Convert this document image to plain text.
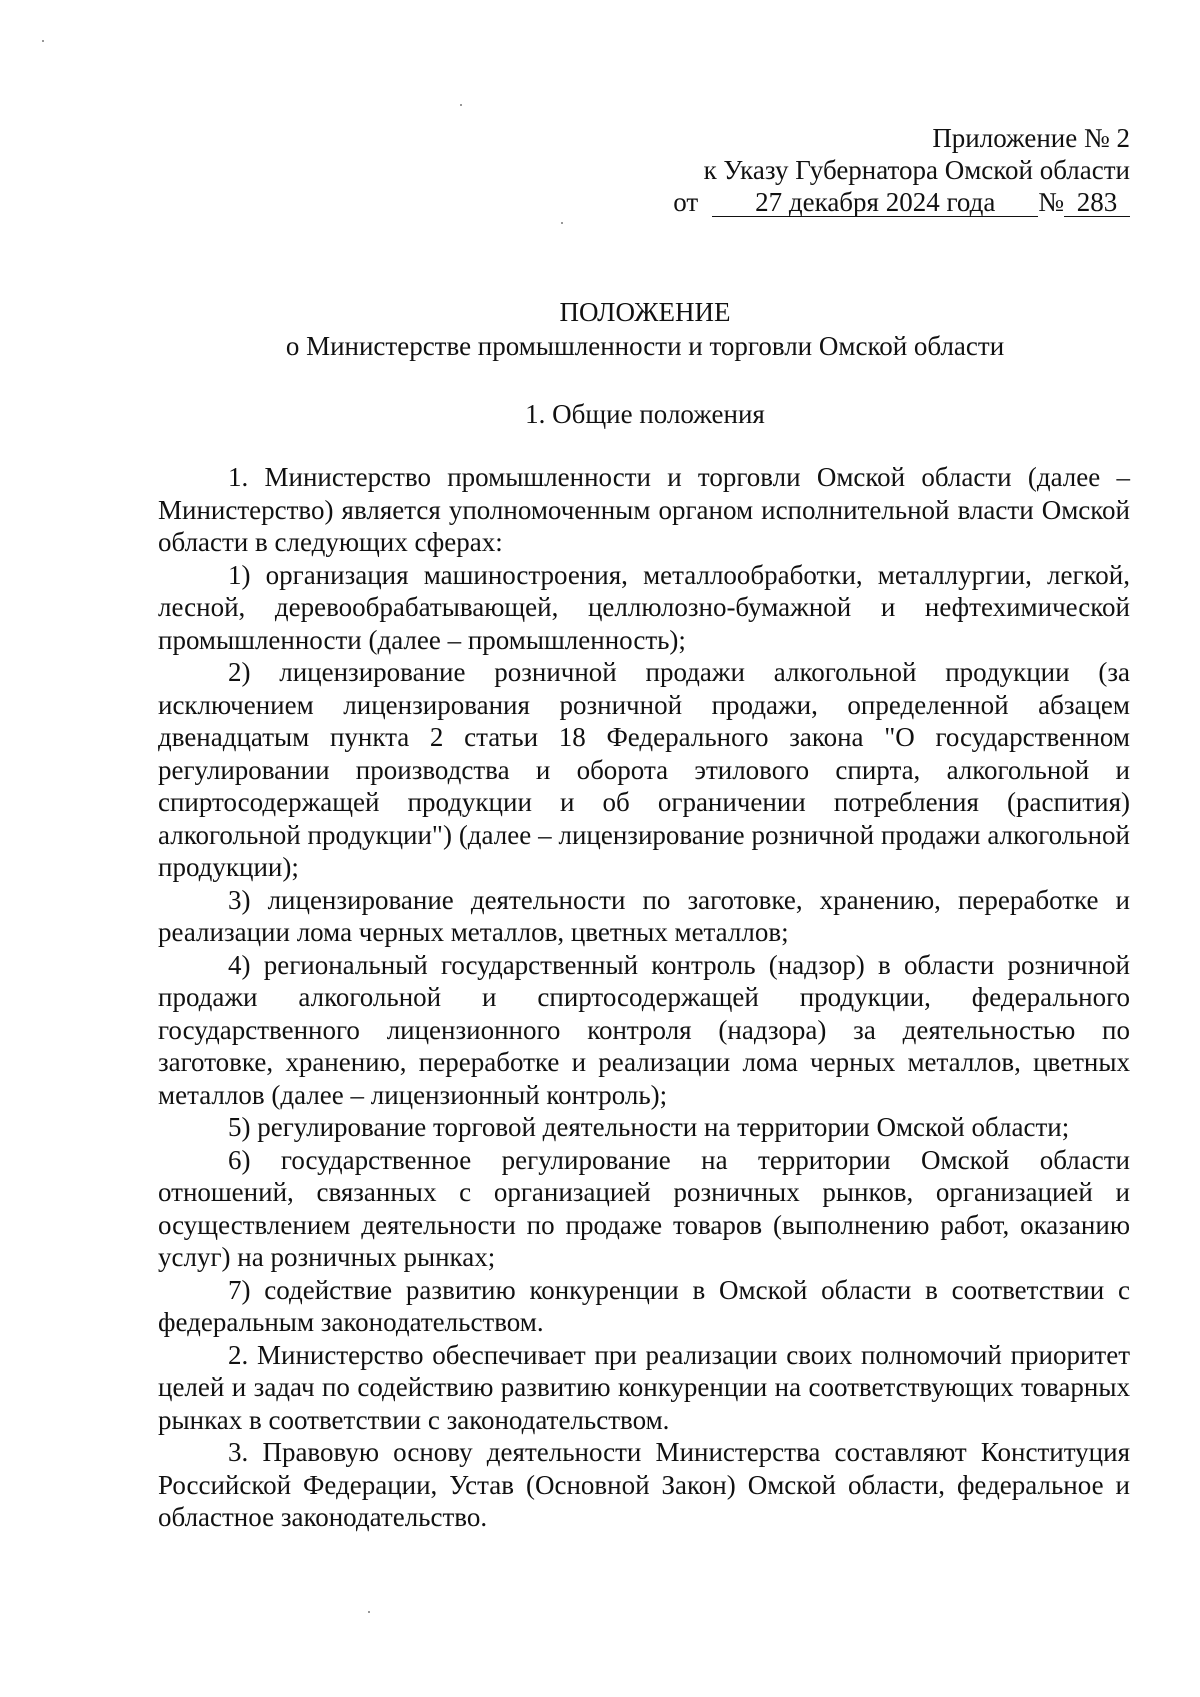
Приложение № 2
к Указу Губернатора Омской области
от 27 декабря 2024 года № 283
ПОЛОЖЕНИЕ
о Министерстве промышленности и торговли Омской области
1. Общие положения

1. Министерство промышленности и торговли Омской области (далее – Министерство) является уполномоченным органом исполнительной власти Омской области в следующих сферах:

1) организация машиностроения, металлообработки, металлургии, легкой, лесной, деревообрабатывающей, целлюлозно-бумажной и нефтехимической промышленности (далее – промышленность);

2) лицензирование розничной продажи алкогольной продукции (за исключением лицензирования розничной продажи, определенной абзацем двенадцатым пункта 2 статьи 18 Федерального закона "О государственном регулировании производства и оборота этилового спирта, алкогольной и спиртосодержащей продукции и об ограничении потребления (распития) алкогольной продукции") (далее – лицензирование розничной продажи алкогольной продукции);

3) лицензирование деятельности по заготовке, хранению, переработке и реализации лома черных металлов, цветных металлов;

4) региональный государственный контроль (надзор) в области розничной продажи алкогольной и спиртосодержащей продукции, федерального государственного лицензионного контроля (надзора) за деятельностью по заготовке, хранению, переработке и реализации лома черных металлов, цветных металлов (далее – лицензионный контроль);

5) регулирование торговой деятельности на территории Омской области;

6) государственное регулирование на территории Омской области отношений, связанных с организацией розничных рынков, организацией и осуществлением деятельности по продаже товаров (выполнению работ, оказанию услуг) на розничных рынках;

7) содействие развитию конкуренции в Омской области в соответствии с федеральным законодательством.

2. Министерство обеспечивает при реализации своих полномочий приоритет целей и задач по содействию развитию конкуренции на соответствующих товарных рынках в соответствии с законодательством.

3. Правовую основу деятельности Министерства составляют Конституция Российской Федерации, Устав (Основной Закон) Омской области, федеральное и областное законодательство.
